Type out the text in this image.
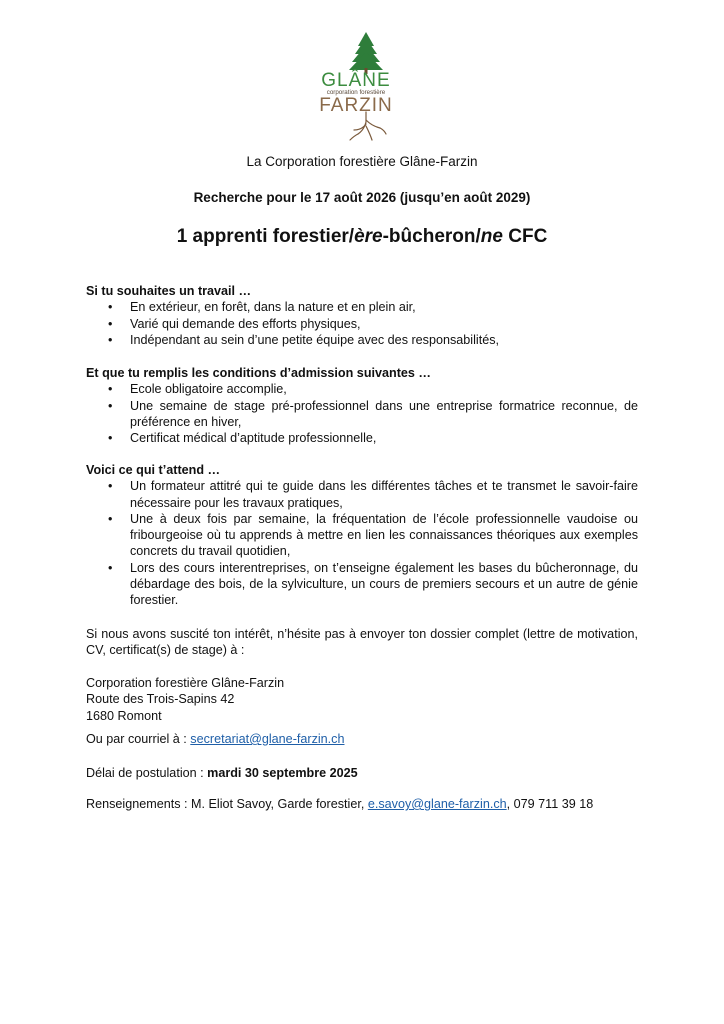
GLÂNE
corporation forestière
FARZIN
La Corporation forestière Glâne-Farzin
Recherche pour le 17 août 2026 (jusqu’en août 2029)
1 apprenti forestier/ère-bûcheron/ne CFC
Si tu souhaites un travail …
• En extérieur, en forêt, dans la nature et en plein air,
• Varié qui demande des efforts physiques,
• Indépendant au sein d’une petite équipe avec des responsabilités,
Et que tu remplis les conditions d’admission suivantes …
• Ecole obligatoire accomplie,
• Une semaine de stage pré-professionnel dans une entreprise formatrice reconnue, de préférence en hiver,
• Certificat médical d’aptitude professionnelle,
Voici ce qui t’attend …
• Un formateur attitré qui te guide dans les différentes tâches et te transmet le savoir-faire nécessaire pour les travaux pratiques,
• Une à deux fois par semaine, la fréquentation de l’école professionnelle vaudoise ou fribourgeoise où tu apprends à mettre en lien les connaissances théoriques aux exemples concrets du travail quotidien,
• Lors des cours interentreprises, on t’enseigne également les bases du bûcheronnage, du débardage des bois, de la sylviculture, un cours de premiers secours et un autre de génie forestier.
Si nous avons suscité ton intérêt, n’hésite pas à envoyer ton dossier complet (lettre de motivation, CV, certificat(s) de stage) à :
Corporation forestière Glâne-Farzin
Route des Trois-Sapins 42
1680 Romont
Ou par courriel à : secretariat@glane-farzin.ch
Délai de postulation : mardi 30 septembre 2025
Renseignements : M. Eliot Savoy, Garde forestier, e.savoy@glane-farzin.ch, 079 711 39 18
